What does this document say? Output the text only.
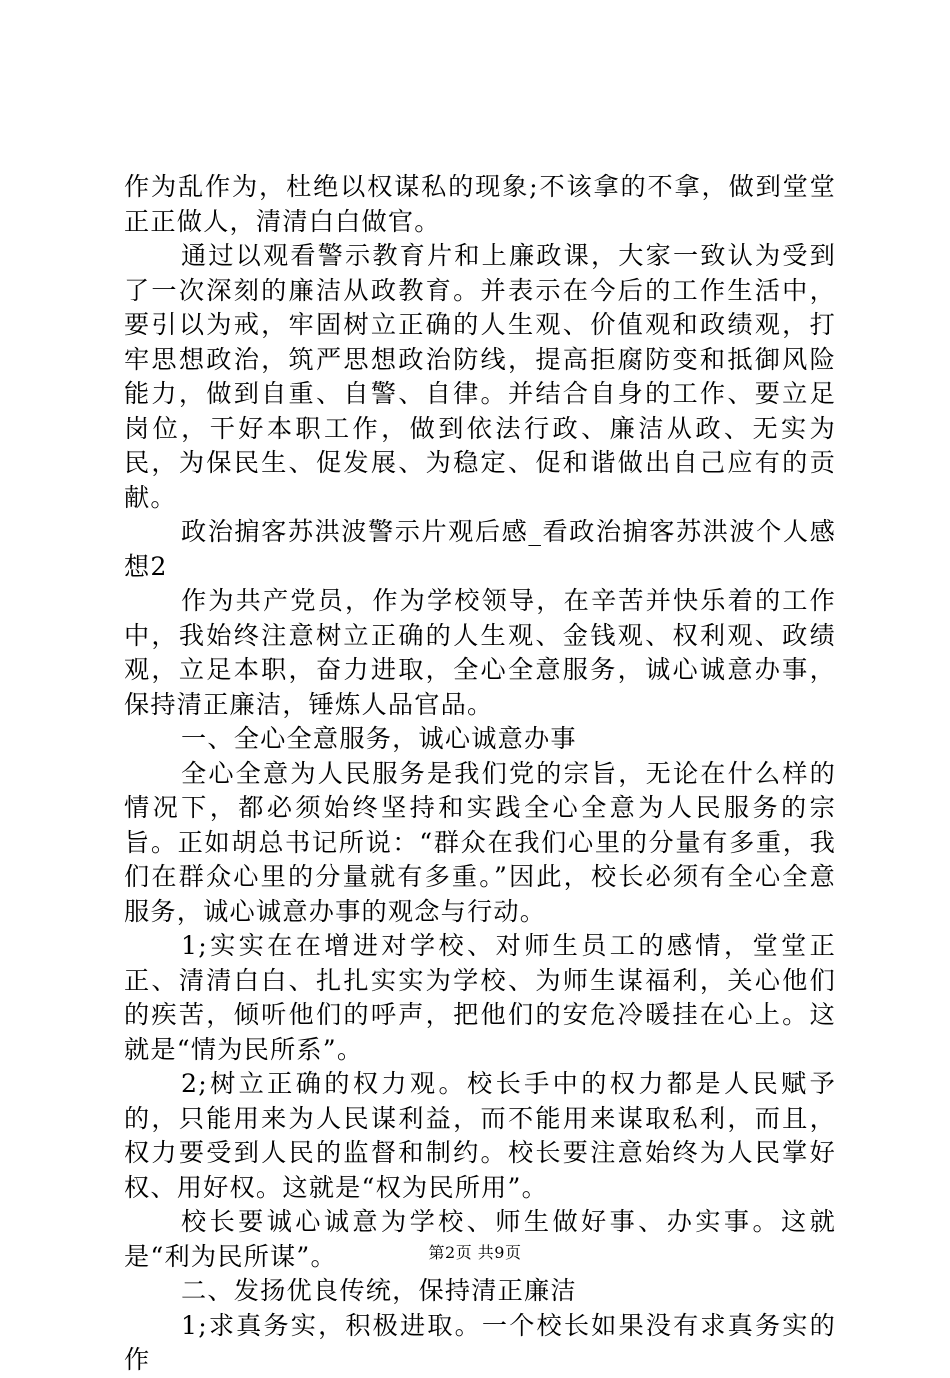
作为乱作为，杜绝以权谋私的现象;不该拿的不拿，做到堂堂正正做人，清清白白做官。

通过以观看警示教育片和上廉政课，大家一致认为受到了一次深刻的廉洁从政教育。并表示在今后的工作生活中，要引以为戒，牢固树立正确的人生观、价值观和政绩观，打牢思想政治，筑严思想政治防线，提高拒腐防变和抵御风险能力，做到自重、自警、自律。并结合自身的工作、要立足岗位，干好本职工作，做到依法行政、廉洁从政、无实为民，为保民生、促发展、为稳定、促和谐做出自己应有的贡献。

政治掮客苏洪波警示片观后感_看政治掮客苏洪波个人感想2

作为共产党员，作为学校领导，在辛苦并快乐着的工作中，我始终注意树立正确的人生观、金钱观、权利观、政绩观，立足本职，奋力进取，全心全意服务，诚心诚意办事，保持清正廉洁，锤炼人品官品。

一、全心全意服务，诚心诚意办事

全心全意为人民服务是我们党的宗旨，无论在什么样的情况下，都必须始终坚持和实践全心全意为人民服务的宗旨。正如胡总书记所说：“群众在我们心里的分量有多重，我们在群众心里的分量就有多重。”因此，校长必须有全心全意服务，诚心诚意办事的观念与行动。

1;实实在在增进对学校、对师生员工的感情，堂堂正正、清清白白、扎扎实实为学校、为师生谋福利，关心他们的疾苦，倾听他们的呼声，把他们的安危冷暖挂在心上。这就是“情为民所系”。

2;树立正确的权力观。校长手中的权力都是人民赋予的，只能用来为人民谋利益，而不能用来谋取私利，而且，权力要受到人民的监督和制约。校长要注意始终为人民掌好权、用好权。这就是“权为民所用”。

校长要诚心诚意为学校、师生做好事、办实事。这就是“利为民所谋”。

二、发扬优良传统，保持清正廉洁

1;求真务实，积极进取。一个校长如果没有求真务实的作

第2页 共9页
